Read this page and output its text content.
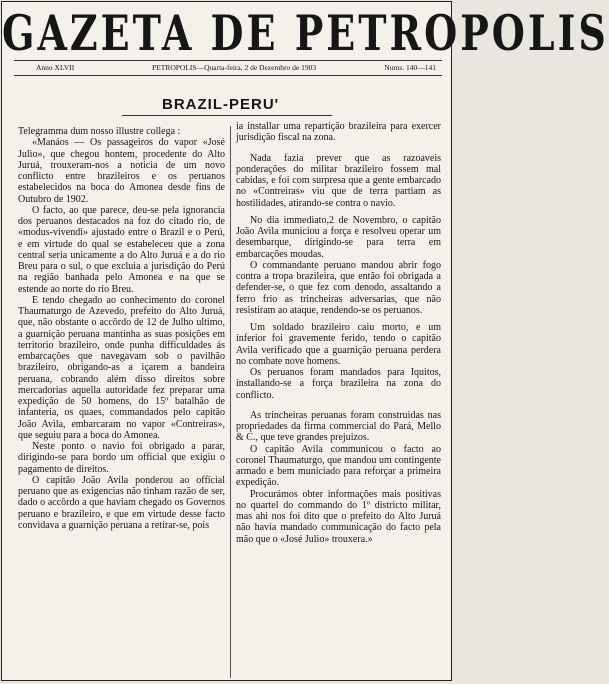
GAZETA DE PETROPOLIS
Anno XLVII	PETROPOLIS—Quarta-feira, 2 de Dezembro de 1903	Nums. 140—141
BRAZIL-PERU'

Telegramma dum nosso illustre collega :

«Manáos — Os passageiros do vapor «José Julio», que chegou hontem, procedente do Alto Juruá, trouxeram-nos a noticia de um novo conflicto entre brazileiros e os peruanos estabelecidos na boca do Amonea desde fins de Outubro de 1902.

O facto, ao que parece, deu-se pela ignorancia dos peruanos destacados na foz do citado rio, de «modus-vivendi» ajustado entre o Brazil e o Perú, e em virtude do qual se estabeleceu que a zona central seria unicamente a do Alto Juruá e a do rio Breu para o sul, o que excluia a jurisdição do Perú na região banhada pelo Amonea e na que se estende ao norte do rio Breu.

E tendo chegado ao conhecimento do coronel Thaumaturgo de Azevedo, prefeito do Alto Juruá, que, não obstante o accôrdo de 12 de Julho ultimo, a guarnição peruana mantinha as suas posições em territorio brazileiro, onde punha difficuldades ás embarcações que navegavam sob o pavilhão brazileiro, obrigando-as a içarem a bandeira peruana, cobrando além disso direitos sobre mercadorias aquella autoridade fez preparar uma expedição de 50 homens, do 15º batalhão de infanteria, os quaes, commandados pelo capitão João Avila, embarcaram no vapor «Contreiras», que seguiu para a boca do Amonea.

Neste ponto o navio foi obrigado a parar, dirigindo-se para bordo um official que exigiu o pagamento de direitos.

O capitão João Avila ponderou ao official peruano que as exigencias não tinham razão de ser, dado o accôrdo a que haviam chegado os Governos peruano e brazileiro, e que em virtude desse facto convidava a guarnição peruana a retirar-se, pois

ia installar uma repartição brazileira para exercer jurisdição fiscal na zona.

Nada fazia prever que as razoaveis ponderações do militar brazileiro fossem mal cabidas, e foi com surpresa que a gente embarcado no «Contreiras» viu que de terra partiam as hostilidades, atirando-se contra o navio.

No dia immediato,2 de Novembro, o capitão João Avila municiou a força e resolveu operar um desembarque, dirigindo-se para terra em embarcações moudas.

O commandante peruano mandou abrir fogo contra a tropa brazileira, que então foi obrigada a defender-se, o que fez com denodo, assaltando a ferro frio as trincheiras adversarias, que não resistiram ao ataque, rendendo-se os peruanos.

Um soldado brazileiro caiu morto, e um inferior foi gravemente ferido, tendo o capitão Avila verificado que a guarnição peruana perdera no combate nove homens.

Os peruanos foram mandados para Iquitos, installando-se a força brazileira na zona do conflicto.

As trincheiras peruanas foram construidas nas propriedades da firma commercial do Pará, Mello & C., que teve grandes prejuizos.

O capitão Avila communicou o facto ao coronel Thaumaturgo, que mandou um contingente armado e bem municiado para reforçar a primeira expedição.

Procurámos obter informações mais positivas no quartel do commando do 1º districto militar, mas ahi nos foi dito que o prefeito do Alto Juruá não havia mandado communicação do facto pela mão que o «José Julio» trouxera.»
